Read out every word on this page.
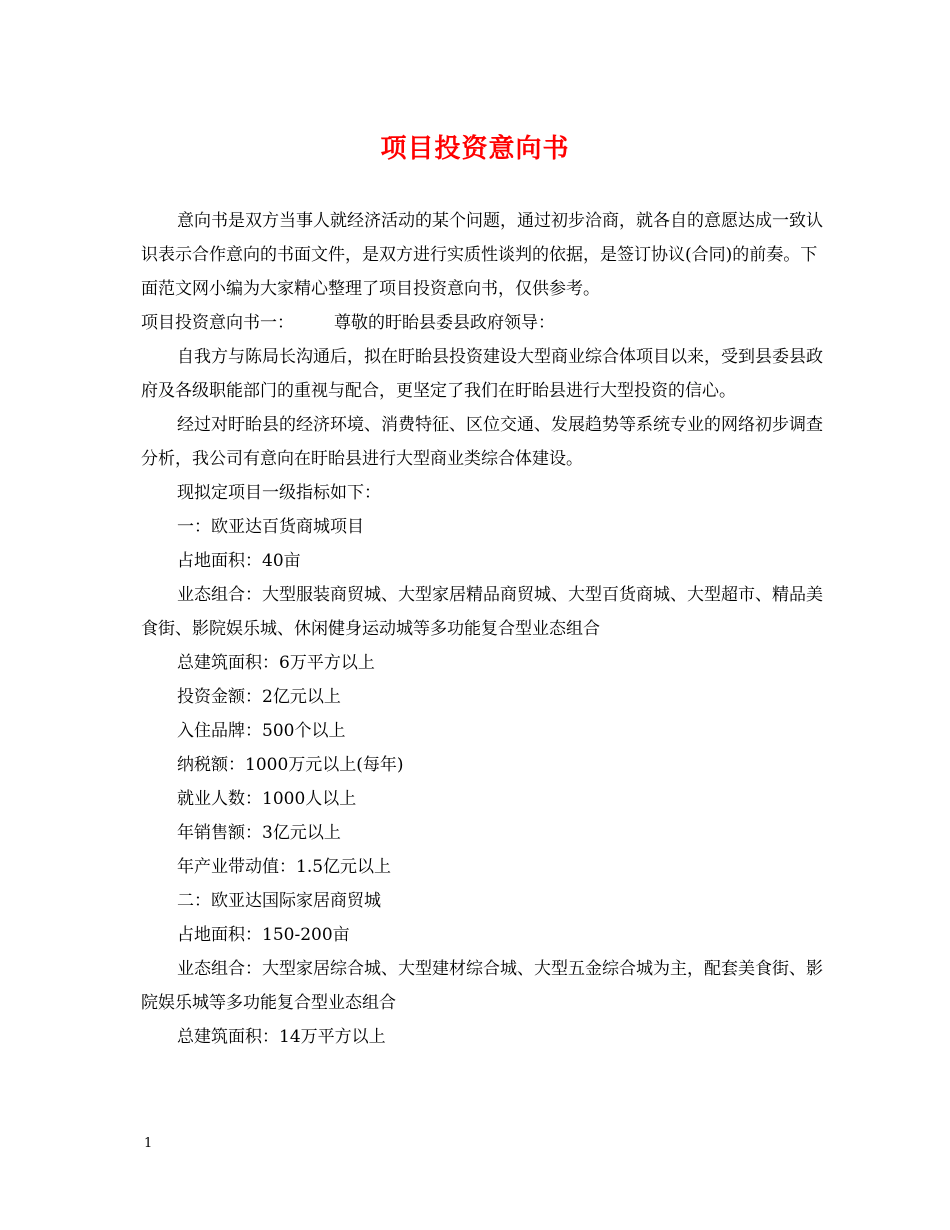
项目投资意向书

意向书是双方当事人就经济活动的某个问题，通过初步洽商，就各自的意愿达成一致认识表示合作意向的书面文件，是双方进行实质性谈判的依据，是签订协议(合同)的前奏。下面范文网小编为大家精心整理了项目投资意向书，仅供参考。

项目投资意向书一： 尊敬的盱眙县委县政府领导：

自我方与陈局长沟通后，拟在盱眙县投资建设大型商业综合体项目以来，受到县委县政府及各级职能部门的重视与配合，更坚定了我们在盱眙县进行大型投资的信心。

经过对盱眙县的经济环境、消费特征、区位交通、发展趋势等系统专业的网络初步调查分析，我公司有意向在盱眙县进行大型商业类综合体建设。

现拟定项目一级指标如下：

一：欧亚达百货商城项目

占地面积：40亩

业态组合：大型服装商贸城、大型家居精品商贸城、大型百货商城、大型超市、精品美食街、影院娱乐城、休闲健身运动城等多功能复合型业态组合

总建筑面积：6万平方以上

投资金额：2亿元以上

入住品牌：500个以上

纳税额：1000万元以上(每年)

就业人数：1000人以上

年销售额：3亿元以上

年产业带动值：1.5亿元以上

二：欧亚达国际家居商贸城

占地面积：150-200亩

业态组合：大型家居综合城、大型建材综合城、大型五金综合城为主，配套美食街、影院娱乐城等多功能复合型业态组合

总建筑面积：14万平方以上

1
